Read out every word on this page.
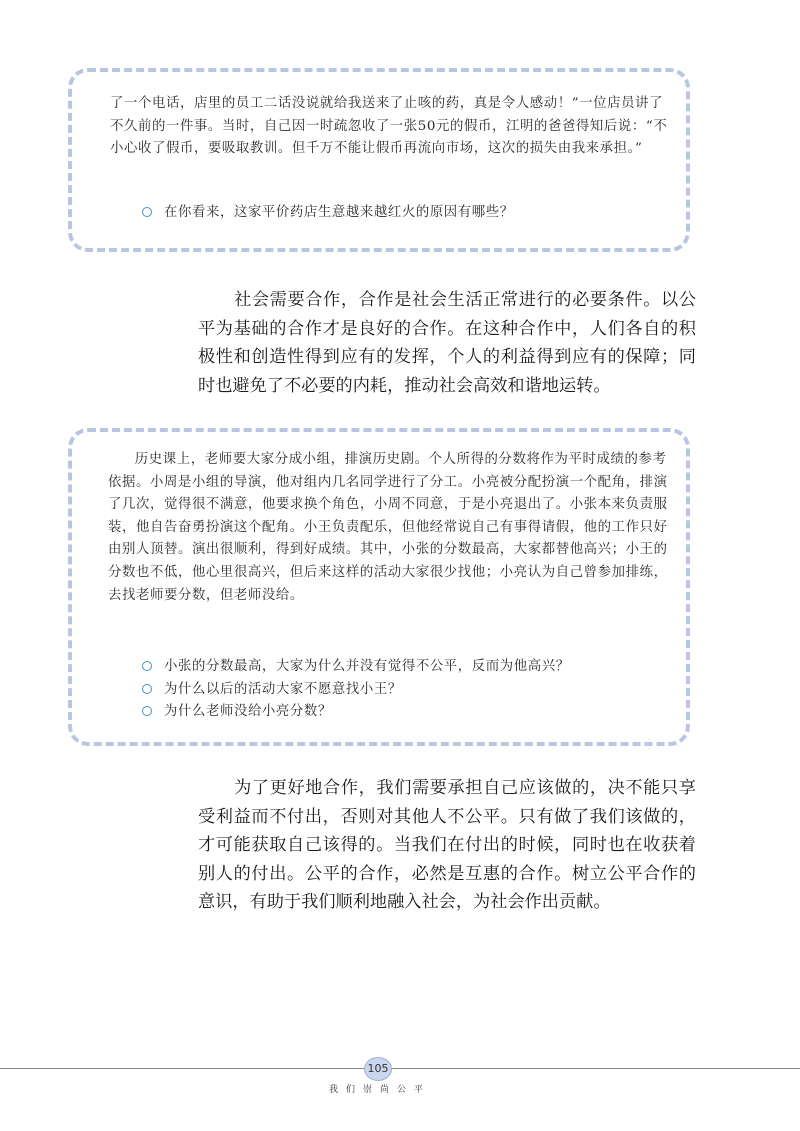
了一个电话，店里的员工二话没说就给我送来了止咳的药，真是令人感动！”一位店员讲了不久前的一件事。当时，自己因一时疏忽收了一张50元的假币，江明的爸爸得知后说：“不小心收了假币，要吸取教训。但千万不能让假币再流向市场，这次的损失由我来承担。”

在你看来，这家平价药店生意越来越红火的原因有哪些？

社会需要合作，合作是社会生活正常进行的必要条件。以公平为基础的合作才是良好的合作。在这种合作中，人们各自的积极性和创造性得到应有的发挥，个人的利益得到应有的保障；同时也避免了不必要的内耗，推动社会高效和谐地运转。

历史课上，老师要大家分成小组，排演历史剧。个人所得的分数将作为平时成绩的参考依据。小周是小组的导演，他对组内几名同学进行了分工。小亮被分配扮演一个配角，排演了几次，觉得很不满意，他要求换个角色，小周不同意，于是小亮退出了。小张本来负责服装，他自告奋勇扮演这个配角。小王负责配乐，但他经常说自己有事得请假，他的工作只好由别人顶替。演出很顺利，得到好成绩。其中，小张的分数最高，大家都替他高兴；小王的分数也不低，他心里很高兴，但后来这样的活动大家很少找他；小亮认为自己曾参加排练，去找老师要分数，但老师没给。

小张的分数最高，大家为什么并没有觉得不公平，反而为他高兴？
为什么以后的活动大家不愿意找小王？
为什么老师没给小亮分数？

为了更好地合作，我们需要承担自己应该做的，决不能只享受利益而不付出，否则对其他人不公平。只有做了我们该做的，才可能获取自己该得的。当我们在付出的时候，同时也在收获着别人的付出。公平的合作，必然是互惠的合作。树立公平合作的意识，有助于我们顺利地融入社会，为社会作出贡献。

105
我们崇尚公平
